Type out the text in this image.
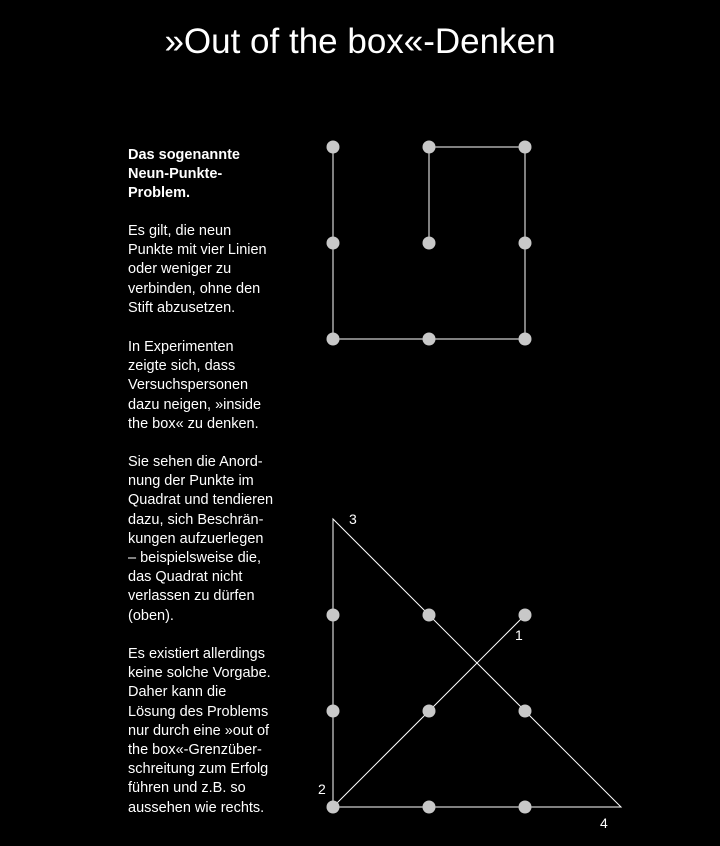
»Out of the box«-Denken

Das sogenannte
Neun-Punkte-
Problem.

Es gilt, die neun
Punkte mit vier Linien
oder weniger zu
verbinden, ohne den
Stift abzusetzen.

In Experimenten
zeigte sich, dass
Versuchspersonen
dazu neigen, »inside
the box« zu denken.

Sie sehen die Anord-
nung der Punkte im
Quadrat und tendieren
dazu, sich Beschrän-
kungen aufzuerlegen
– beispielsweise die,
das Quadrat nicht
verlassen zu dürfen
(oben).

Es existiert allerdings
keine solche Vorgabe.
Daher kann die
Lösung des Problems
nur durch eine »out of
the box«-Grenzüber-
schreitung zum Erfolg
führen und z.B. so
aussehen wie rechts.

1
2
3
4
